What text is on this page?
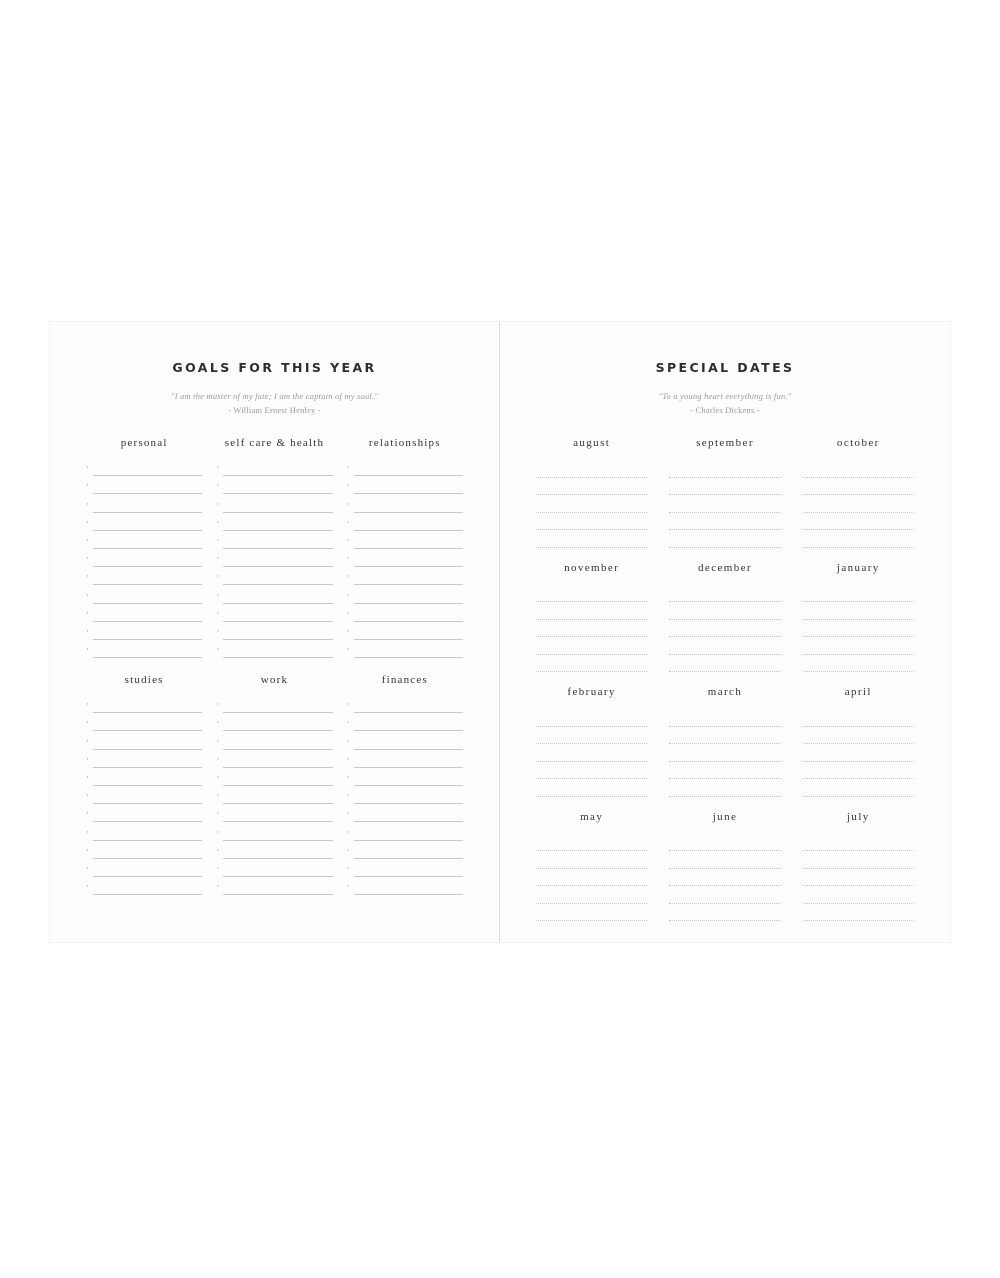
GOALS FOR THIS YEAR
"I am the master of my fate; I am the captain of my soul."
- William Ernest Henley -
personal
·
·
·
·
·
·
·
·
·
·
·
self care & health
·
·
·
·
·
·
·
·
·
·
·
relationships
·
·
·
·
·
·
·
·
·
·
·
studies
·
·
·
·
·
·
·
·
·
·
·
work
·
·
·
·
·
·
·
·
·
·
·
finances
·
·
·
·
·
·
·
·
·
·
·
SPECIAL DATES
"To a young heart everything is fun."
- Charles Dickens -
august	september	october
november	december	january
february	march	april
may	june	july
